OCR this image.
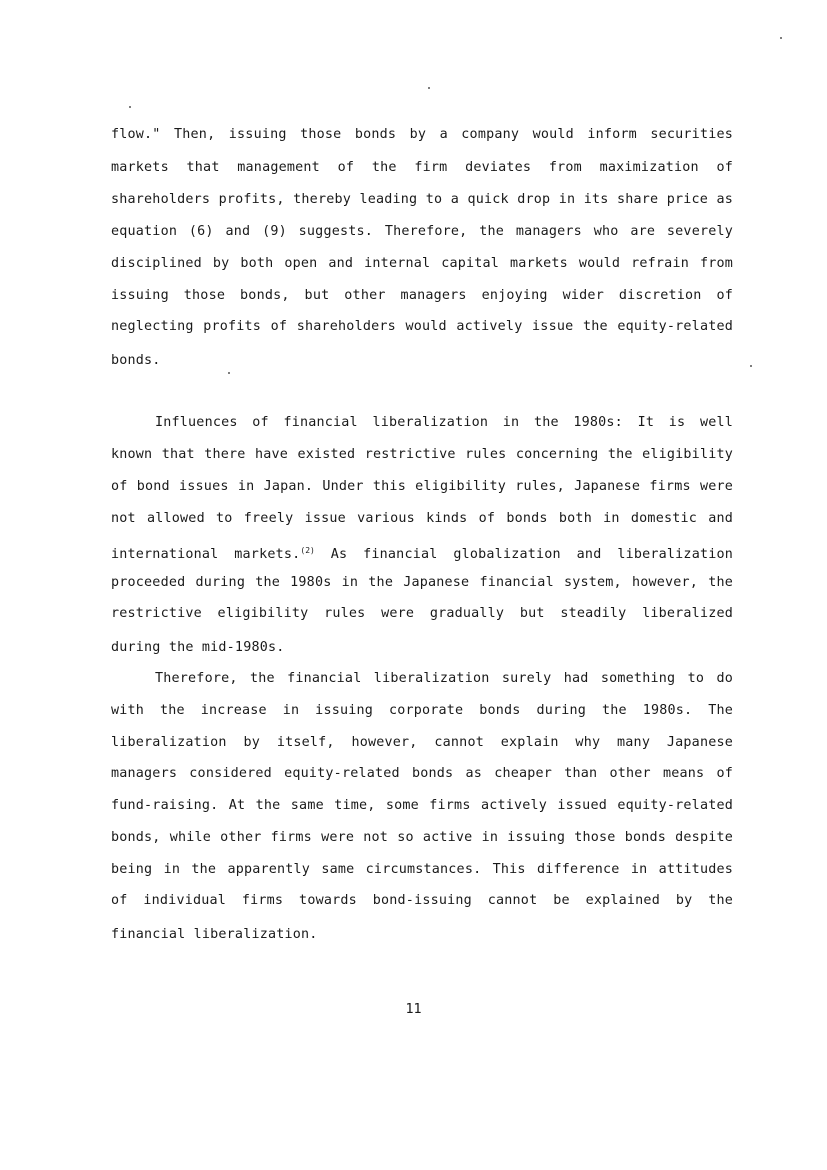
flow." Then, issuing those bonds by a company would inform securities
markets that management of the firm deviates from maximization of
shareholders profits, thereby leading to a quick drop in its share price as
equation (6) and (9) suggests. Therefore, the managers who are severely
disciplined by both open and internal capital markets would refrain from
issuing those bonds, but other managers enjoying wider discretion of
neglecting profits of shareholders would actively issue the equity-related
bonds.
Influences of financial liberalization in the 1980s: It is well
known that there have existed restrictive rules concerning the eligibility
of bond issues in Japan. Under this eligibility rules, Japanese firms were
not allowed to freely issue various kinds of bonds both in domestic and
international markets.$^{(2)}$ As financial globalization and liberalization
proceeded during the 1980s in the Japanese financial system, however, the
restrictive eligibility rules were gradually but steadily liberalized
during the mid-1980s.
Therefore, the financial liberalization surely had something to do
with the increase in issuing corporate bonds during the 1980s. The
liberalization by itself, however, cannot explain why many Japanese
managers considered equity-related bonds as cheaper than other means of
fund-raising. At the same time, some firms actively issued equity-related
bonds, while other firms were not so active in issuing those bonds despite
being in the apparently same circumstances. This difference in attitudes
of individual firms towards bond-issuing cannot be explained by the
financial liberalization.
11
